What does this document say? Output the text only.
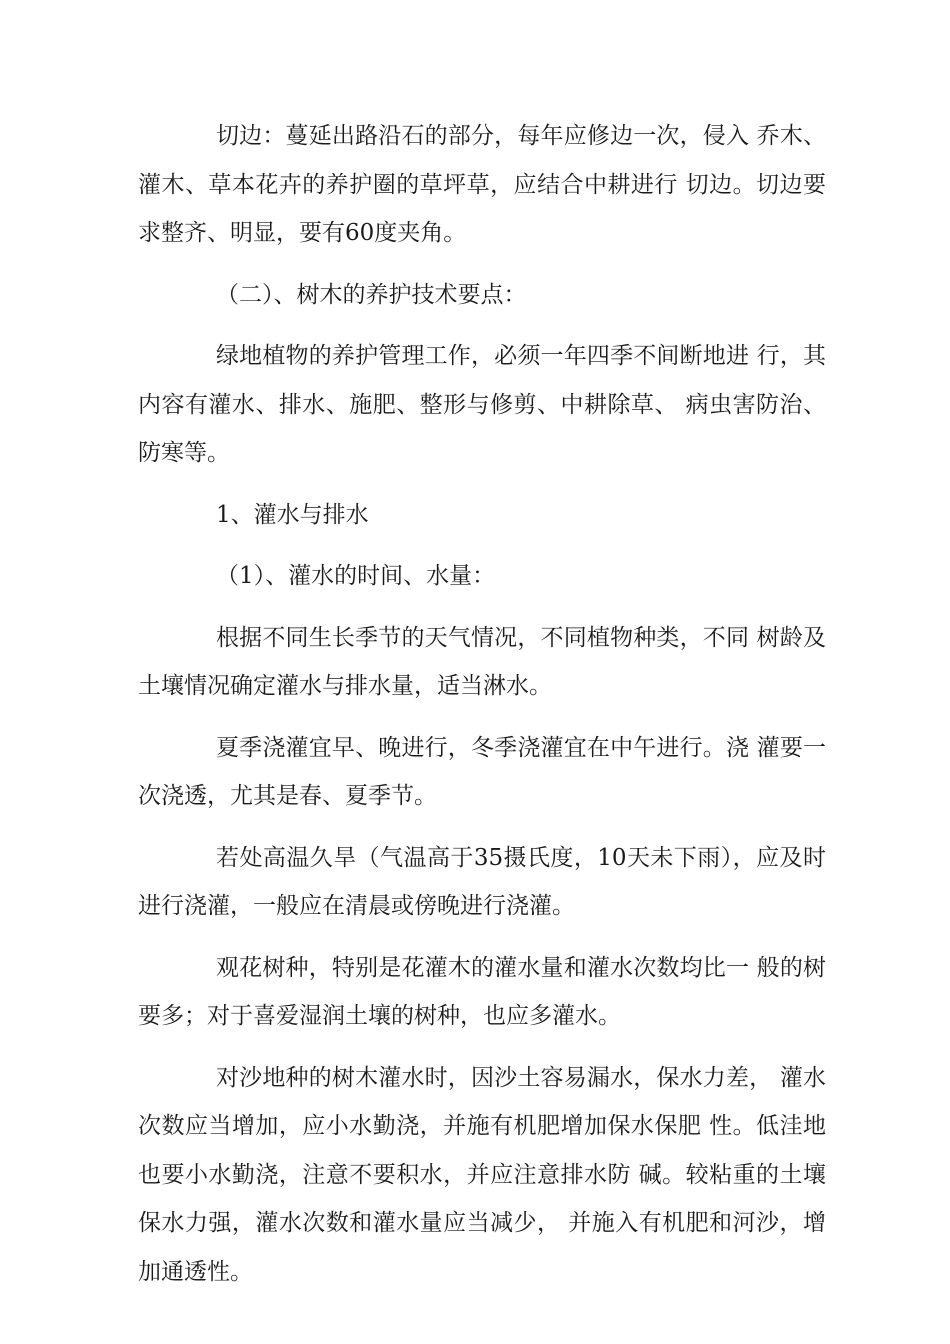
切边：蔓延出路沿石的部分，每年应修边一次，侵入 乔木、灌木、草本花卉的养护圈的草坪草，应结合中耕进行 切边。切边要求整齐、明显，要有60度夹角。

（二）、树木的养护技术要点：

绿地植物的养护管理工作，必须一年四季不间断地进 行，其内容有灌水、排水、施肥、整形与修剪、中耕除草、 病虫害防治、防寒等。

1、灌水与排水

（1）、灌水的时间、水量：

根据不同生长季节的天气情况，不同植物种类，不同 树龄及土壤情况确定灌水与排水量，适当淋水。

夏季浇灌宜早、晚进行，冬季浇灌宜在中午进行。浇 灌要一次浇透，尤其是春、夏季节。

若处高温久旱（气温高于35摄氏度，10天未下雨），应及时进行浇灌，一般应在清晨或傍晚进行浇灌。

观花树种，特别是花灌木的灌水量和灌水次数均比一 般的树要多；对于喜爱湿润土壤的树种，也应多灌水。

对沙地种的树木灌水时，因沙土容易漏水，保水力差， 灌水次数应当增加，应小水勤浇，并施有机肥增加保水保肥 性。低洼地也要小水勤浇，注意不要积水，并应注意排水防 碱。较粘重的土壤保水力强，灌水次数和灌水量应当减少， 并施入有机肥和河沙，增加通透性。
